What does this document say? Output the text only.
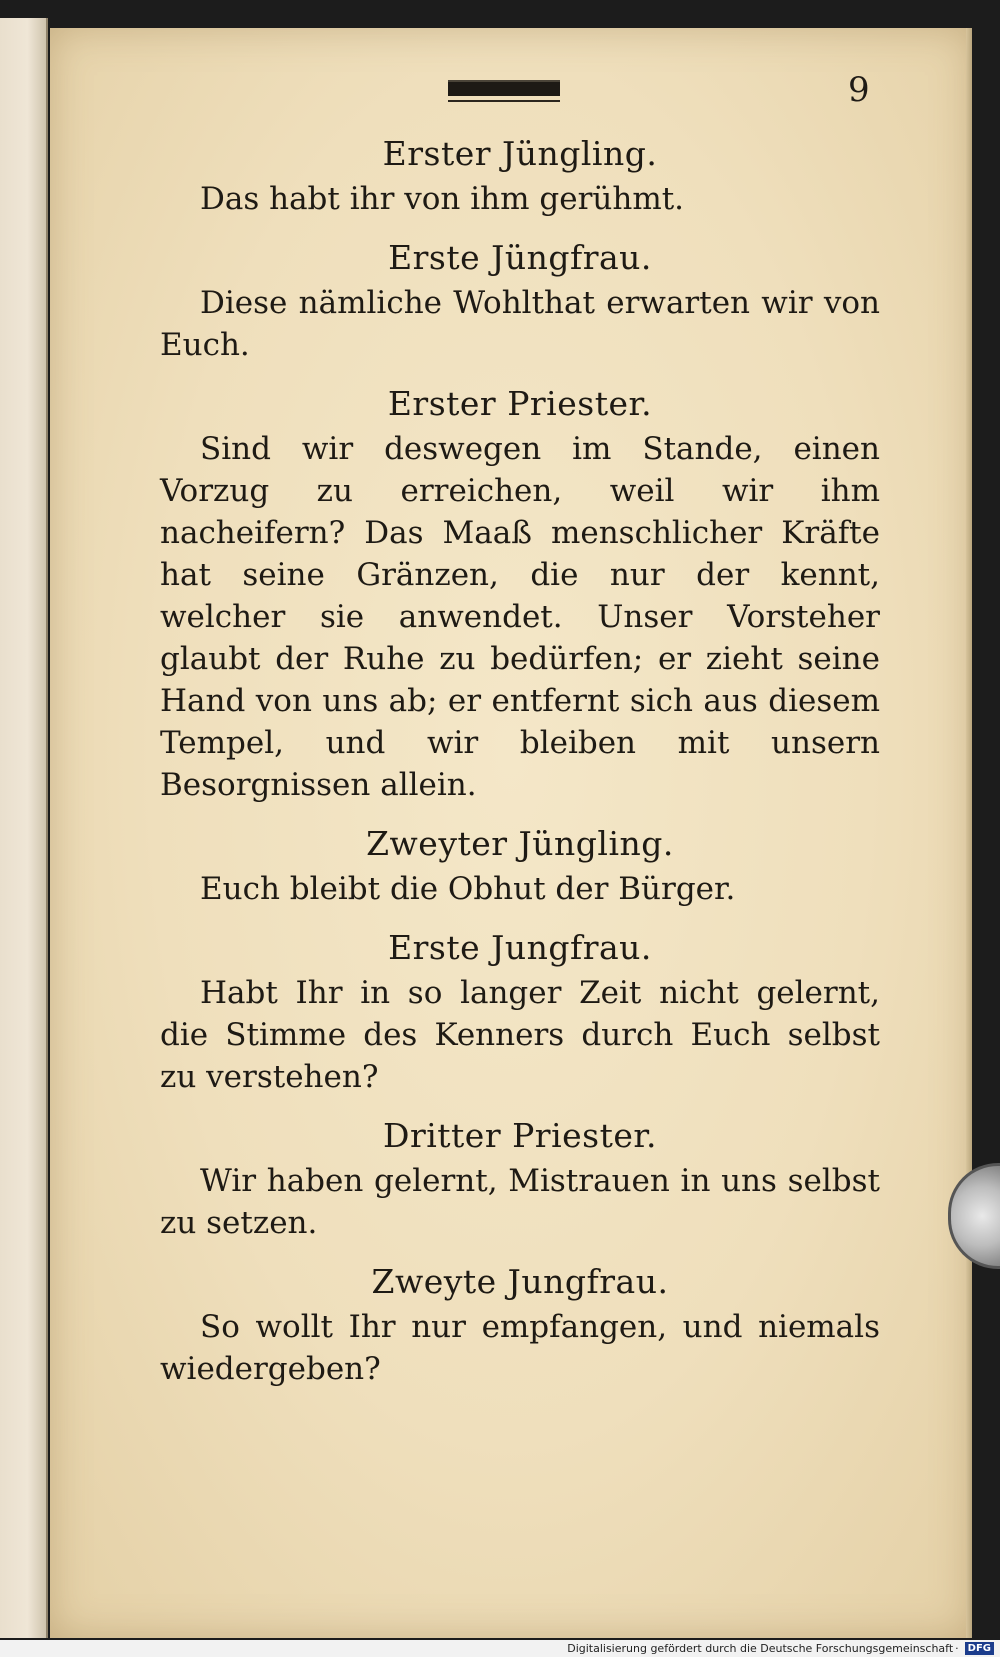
9

Erster Jüngling.

Das habt ihr von ihm gerühmt.

Erste Jüngfrau.

Diese nämliche Wohlthat erwarten wir von Euch.

Erster Priester.

Sind wir deswegen im Stande, einen Vorzug zu erreichen, weil wir ihm nacheifern? Das Maaß menschlicher Kräfte hat seine Gränzen, die nur der kennt, welcher sie anwendet. Unser Vorsteher glaubt der Ruhe zu bedürfen; er zieht seine Hand von uns ab; er entfernt sich aus diesem Tempel, und wir bleiben mit unsern Besorgnissen allein.

Zweyter Jüngling.

Euch bleibt die Obhut der Bürger.

Erste Jungfrau.

Habt Ihr in so langer Zeit nicht gelernt, die Stimme des Kenners durch Euch selbst zu verstehen?

Dritter Priester.

Wir haben gelernt, Mistrauen in uns selbst zu setzen.

Zweyte Jungfrau.

So wollt Ihr nur empfangen, und niemals wiedergeben?

Digitalisierung gefördert durch die Deutsche Forschungsgemeinschaft · DFG
